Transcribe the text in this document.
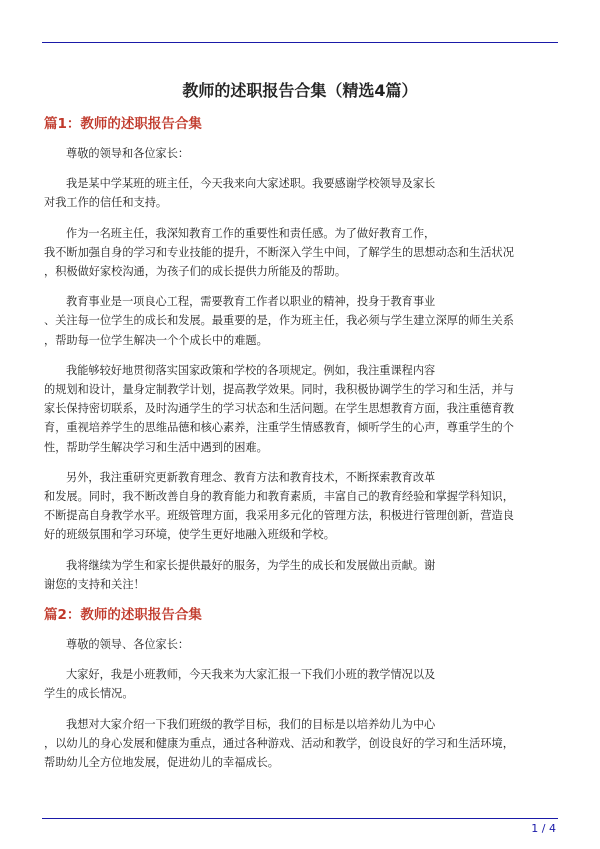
教师的述职报告合集（精选4篇）
篇1：教师的述职报告合集
尊敬的领导和各位家长：
我是某中学某班的班主任，今天我来向大家述职。我要感谢学校领导及家长
对我工作的信任和支持。
作为一名班主任，我深知教育工作的重要性和责任感。为了做好教育工作，
我不断加强自身的学习和专业技能的提升，不断深入学生中间，了解学生的思想动态和生活状况
，积极做好家校沟通，为孩子们的成长提供力所能及的帮助。
教育事业是一项良心工程，需要教育工作者以职业的精神，投身于教育事业
、关注每一位学生的成长和发展。最重要的是，作为班主任，我必须与学生建立深厚的师生关系
，帮助每一位学生解决一个个成长中的难题。
我能够较好地贯彻落实国家政策和学校的各项规定。例如，我注重课程内容
的规划和设计，量身定制教学计划，提高教学效果。同时，我积极协调学生的学习和生活，并与
家长保持密切联系，及时沟通学生的学习状态和生活问题。在学生思想教育方面，我注重德育教
育，重视培养学生的思维品德和核心素养，注重学生情感教育，倾听学生的心声，尊重学生的个
性，帮助学生解决学习和生活中遇到的困难。
另外，我注重研究更新教育理念、教育方法和教育技术，不断探索教育改革
和发展。同时，我不断改善自身的教育能力和教育素质，丰富自己的教育经验和掌握学科知识，
不断提高自身教学水平。班级管理方面，我采用多元化的管理方法，积极进行管理创新，营造良
好的班级氛围和学习环境，使学生更好地融入班级和学校。
我将继续为学生和家长提供最好的服务，为学生的成长和发展做出贡献。谢
谢您的支持和关注！
篇2：教师的述职报告合集
尊敬的领导、各位家长：
大家好，我是小班教师，今天我来为大家汇报一下我们小班的教学情况以及
学生的成长情况。
我想对大家介绍一下我们班级的教学目标，我们的目标是以培养幼儿为中心
，以幼儿的身心发展和健康为重点，通过各种游戏、活动和教学，创设良好的学习和生活环境，
帮助幼儿全方位地发展，促进幼儿的幸福成长。
1 / 4
